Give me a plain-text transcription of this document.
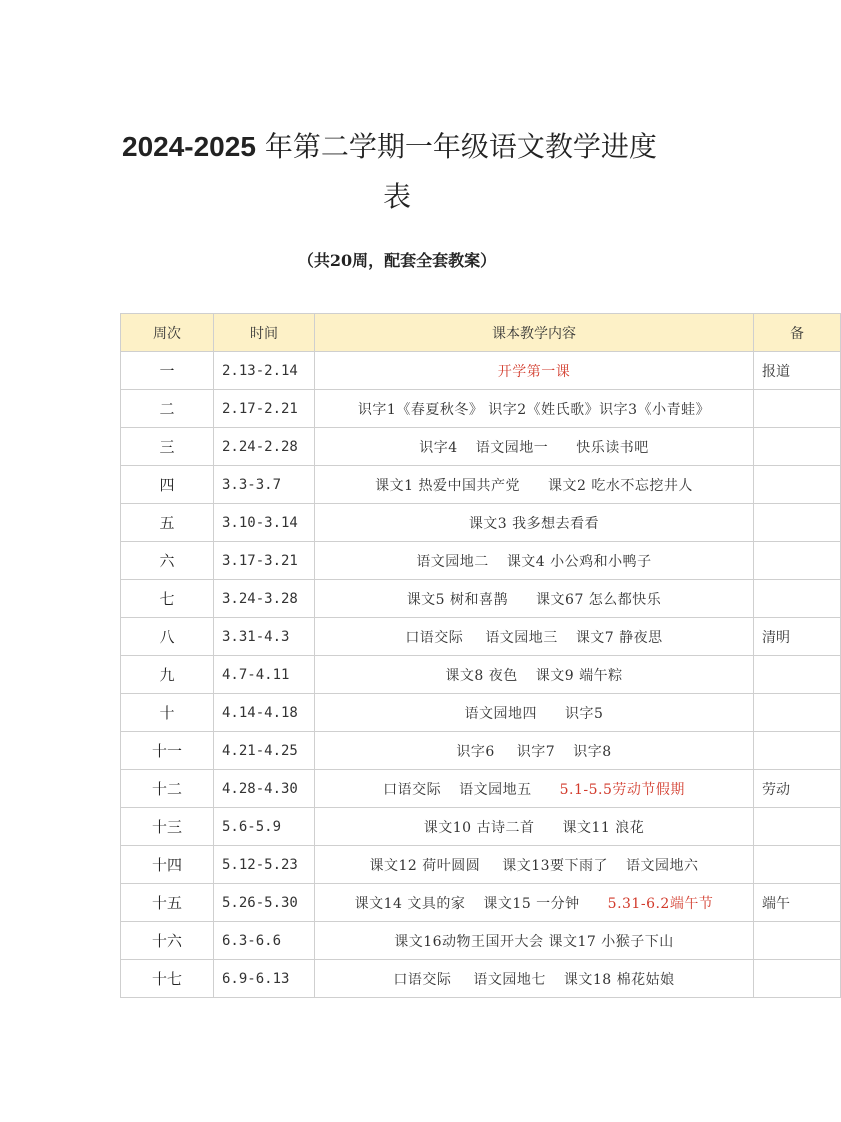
2024-2025 年第二学期一年级语文教学进度
表
（共20周，配套全套教案）
周次	时间	课本教学内容	备
一	2.13-2.14	开学第一课	报道
二	2.17-2.21	识字1《春夏秋冬》 识字2《姓氏歌》识字3《小青蛙》	
三	2.24-2.28	识字4 语文园地一 快乐读书吧	
四	3.3-3.7	课文1 热爱中国共产党 课文2 吃水不忘挖井人	
五	3.10-3.14	课文3 我多想去看看	
六	3.17-3.21	语文园地二 课文4 小公鸡和小鸭子	
七	3.24-3.28	课文5 树和喜鹊 课文67 怎么都快乐	
八	3.31-4.3	口语交际 语文园地三 课文7 静夜思	清明
九	4.7-4.11	课文8 夜色 课文9 端午粽	
十	4.14-4.18	语文园地四 识字5	
十一	4.21-4.25	识字6 识字7 识字8	
十二	4.28-4.30	口语交际 语文园地五 5.1-5.5劳动节假期	劳动
十三	5.6-5.9	课文10 古诗二首 课文11 浪花	
十四	5.12-5.23	课文12 荷叶圆圆 课文13要下雨了 语文园地六	
十五	5.26-5.30	课文14 文具的家 课文15 一分钟 5.31-6.2端午节	端午
十六	6.3-6.6	课文16动物王国开大会 课文17 小猴子下山	
十七	6.9-6.13	口语交际 语文园地七 课文18 棉花姑娘	
